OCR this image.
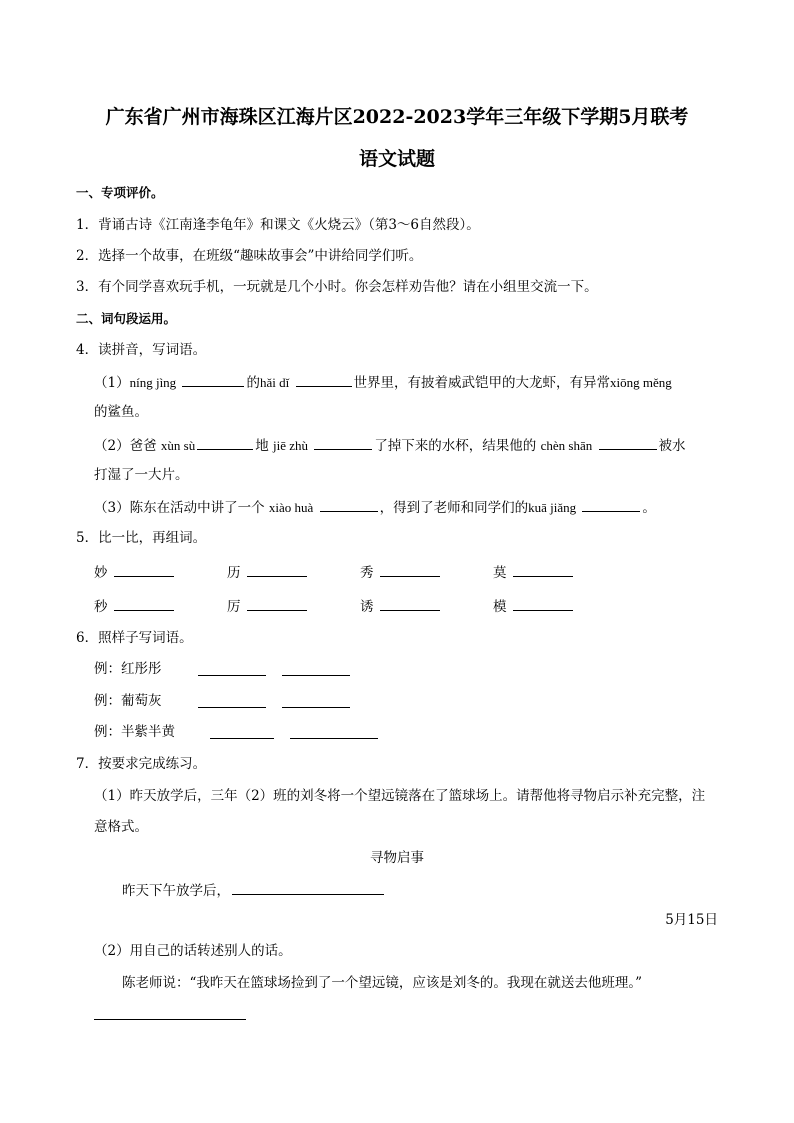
广东省广州市海珠区江海片区2022-2023学年三年级下学期5月联考
语文试题
一、专项评价。
1．背诵古诗《江南逢李龟年》和课文《火烧云》（第3～6自然段）。
2．选择一个故事，在班级“趣味故事会”中讲给同学们听。
3．有个同学喜欢玩手机，一玩就是几个小时。你会怎样劝告他？请在小组里交流一下。
二、词句段运用。
4．读拼音，写词语。
（1）níng jìng	的hǎi dǐ	世界里，有披着威武铠甲的大龙虾，有异常xiōng měng
的鲨鱼。
（2）爸爸 xùn sù	地 jiē zhù	了掉下来的水杯，结果他的 chèn shān	被水
打湿了一大片。
（3）陈东在活动中讲了一个 xiào huà	，得到了老师和同学们的kuā jiǎng	。
5．比一比，再组词。
妙	历	秀	莫
秒	厉	诱	模
6．照样子写词语。
例：红彤彤
例：葡萄灰
例：半紫半黄
7．按要求完成练习。
（1）昨天放学后，三年（2）班的刘冬将一个望远镜落在了篮球场上。请帮他将寻物启示补充完整，注
意格式。
寻物启事
昨天下午放学后，
5月15日
（2）用自己的话转述别人的话。
陈老师说：“我昨天在篮球场捡到了一个望远镜，应该是刘冬的。我现在就送去他班理。”
